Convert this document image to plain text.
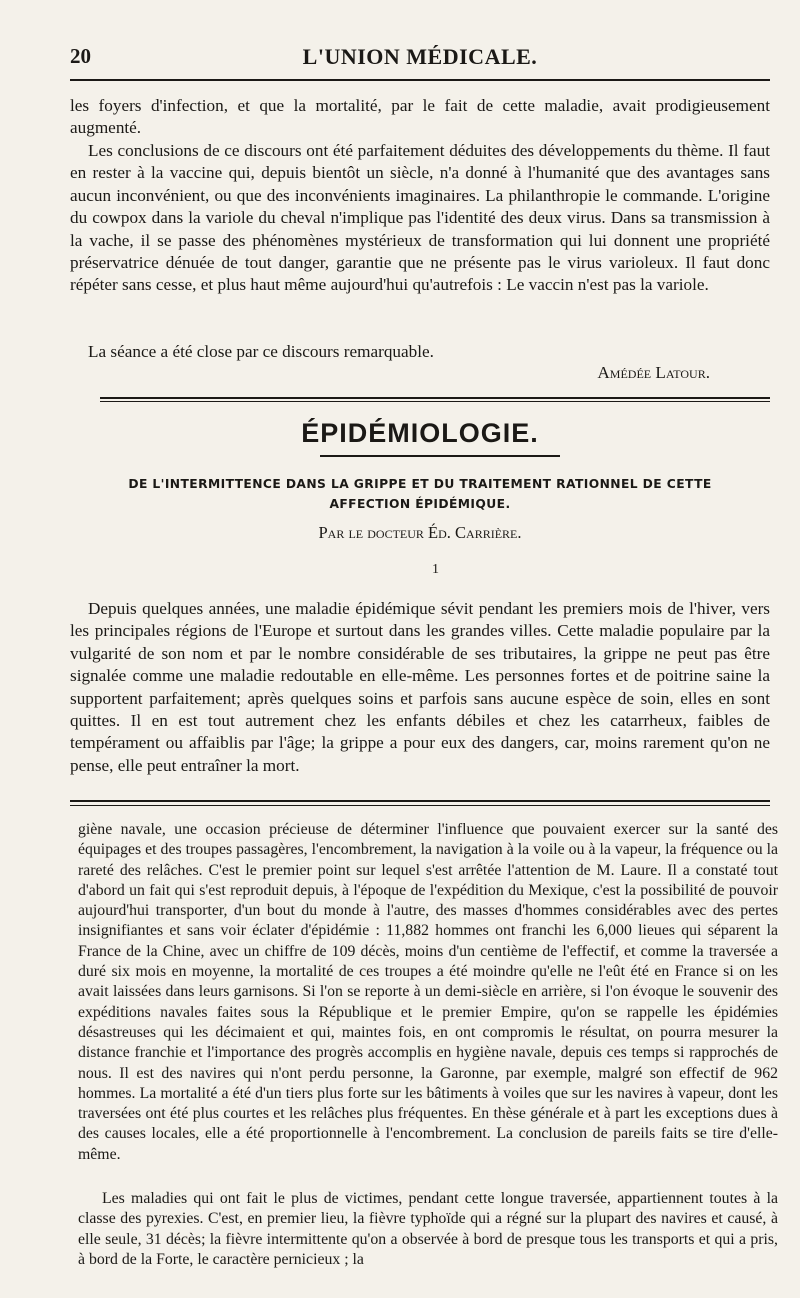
20	L'UNION MÉDICALE.

les foyers d'infection, et que la mortalité, par le fait de cette maladie, avait prodigieusement augmenté.

Les conclusions de ce discours ont été parfaitement déduites des développements du thème. Il faut en rester à la vaccine qui, depuis bientôt un siècle, n'a donné à l'humanité que des avantages sans aucun inconvénient, ou que des inconvénients imaginaires. La philanthropie le commande. L'origine du cowpox dans la variole du cheval n'implique pas l'identité des deux virus. Dans sa transmission à la vache, il se passe des phénomènes mystérieux de transformation qui lui donnent une propriété préservatrice dénuée de tout danger, garantie que ne présente pas le virus varioleux. Il faut donc répéter sans cesse, et plus haut même aujourd'hui qu'autrefois : Le vaccin n'est pas la variole.

La séance a été close par ce discours remarquable.

Amédée Latour.
ÉPIDÉMIOLOGIE.
DE L'INTERMITTENCE DANS LA GRIPPE ET DU TRAITEMENT RATIONNEL DE CETTE
AFFECTION ÉPIDÉMIQUE.
Par le docteur Éd. Carrière.
1

Depuis quelques années, une maladie épidémique sévit pendant les premiers mois de l'hiver, vers les principales régions de l'Europe et surtout dans les grandes villes. Cette maladie populaire par la vulgarité de son nom et par le nombre considérable de ses tributaires, la grippe ne peut pas être signalée comme une maladie redoutable en elle-même. Les personnes fortes et de poitrine saine la supportent parfaitement; après quelques soins et parfois sans aucune espèce de soin, elles en sont quittes. Il en est tout autrement chez les enfants débiles et chez les catarrheux, faibles de tempérament ou affaiblis par l'âge; la grippe a pour eux des dangers, car, moins rarement qu'on ne pense, elle peut entraîner la mort.

giène navale, une occasion précieuse de déterminer l'influence que pouvaient exercer sur la santé des équipages et des troupes passagères, l'encombrement, la navigation à la voile ou à la vapeur, la fréquence ou la rareté des relâches. C'est le premier point sur lequel s'est arrêtée l'attention de M. Laure. Il a constaté tout d'abord un fait qui s'est reproduit depuis, à l'époque de l'expédition du Mexique, c'est la possibilité de pouvoir aujourd'hui transporter, d'un bout du monde à l'autre, des masses d'hommes considérables avec des pertes insignifiantes et sans voir éclater d'épidémie : 11,882 hommes ont franchi les 6,000 lieues qui séparent la France de la Chine, avec un chiffre de 109 décès, moins d'un centième de l'effectif, et comme la traversée a duré six mois en moyenne, la mortalité de ces troupes a été moindre qu'elle ne l'eût été en France si on les avait laissées dans leurs garnisons. Si l'on se reporte à un demi-siècle en arrière, si l'on évoque le souvenir des expéditions navales faites sous la République et le premier Empire, qu'on se rappelle les épidémies désastreuses qui les décimaient et qui, maintes fois, en ont compromis le résultat, on pourra mesurer la distance franchie et l'importance des progrès accomplis en hygiène navale, depuis ces temps si rapprochés de nous. Il est des navires qui n'ont perdu personne, la Garonne, par exemple, malgré son effectif de 962 hommes. La mortalité a été d'un tiers plus forte sur les bâtiments à voiles que sur les navires à vapeur, dont les traversées ont été plus courtes et les relâches plus fréquentes. En thèse générale et à part les exceptions dues à des causes locales, elle a été proportionnelle à l'encombrement. La conclusion de pareils faits se tire d'elle-même.

Les maladies qui ont fait le plus de victimes, pendant cette longue traversée, appartiennent toutes à la classe des pyrexies. C'est, en premier lieu, la fièvre typhoïde qui a régné sur la plupart des navires et causé, à elle seule, 31 décès; la fièvre intermittente qu'on a observée à bord de presque tous les transports et qui a pris, à bord de la Forte, le caractère pernicieux ; la
